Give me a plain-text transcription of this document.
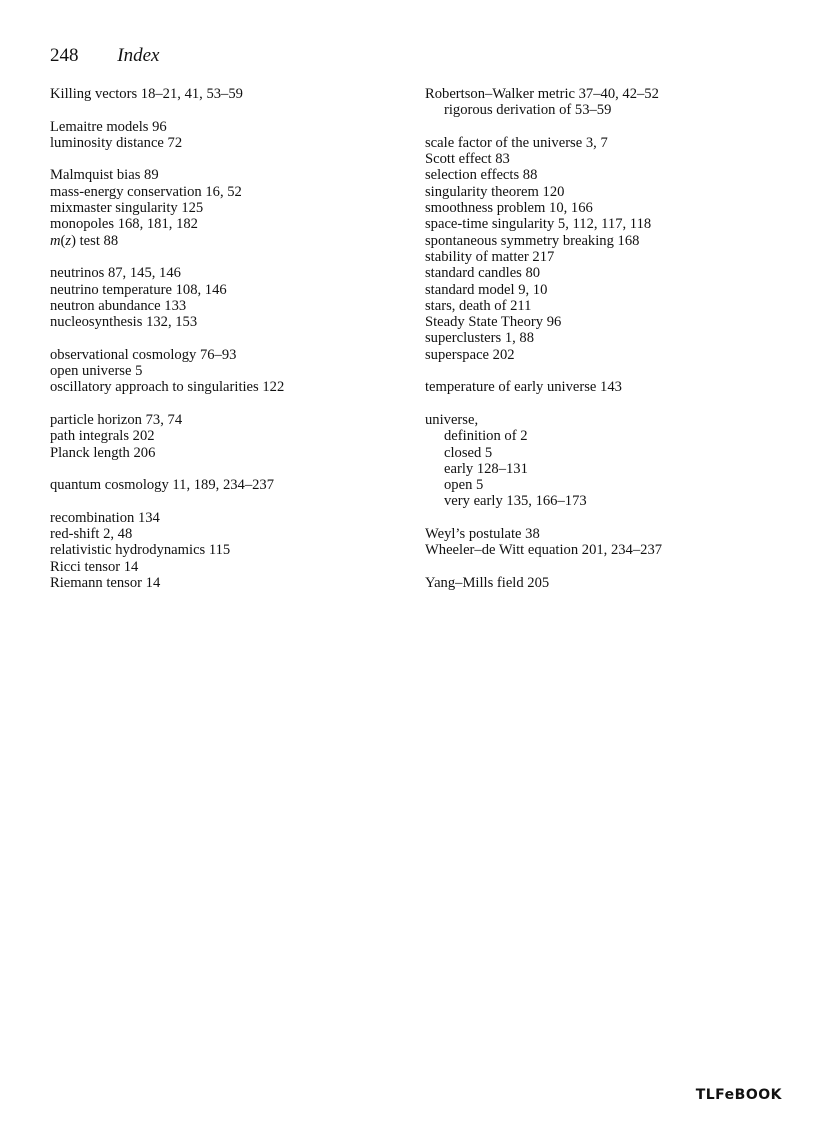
248 Index
Killing vectors 18–21, 41, 53–59
Lemaitre models 96
luminosity distance 72
Malmquist bias 89
mass-energy conservation 16, 52
mixmaster singularity 125
monopoles 168, 181, 182
m(z) test 88
neutrinos 87, 145, 146
neutrino temperature 108, 146
neutron abundance 133
nucleosynthesis 132, 153
observational cosmology 76–93
open universe 5
oscillatory approach to singularities 122
particle horizon 73, 74
path integrals 202
Planck length 206
quantum cosmology 11, 189, 234–237
recombination 134
red-shift 2, 48
relativistic hydrodynamics 115
Ricci tensor 14
Riemann tensor 14
Robertson–Walker metric 37–40, 42–52
rigorous derivation of 53–59
scale factor of the universe 3, 7
Scott effect 83
selection effects 88
singularity theorem 120
smoothness problem 10, 166
space-time singularity 5, 112, 117, 118
spontaneous symmetry breaking 168
stability of matter 217
standard candles 80
standard model 9, 10
stars, death of 211
Steady State Theory 96
superclusters 1, 88
superspace 202
temperature of early universe 143
universe,
definition of 2
closed 5
early 128–131
open 5
very early 135, 166–173
Weyl’s postulate 38
Wheeler–de Witt equation 201, 234–237
Yang–Mills field 205
TLFeBOOK
